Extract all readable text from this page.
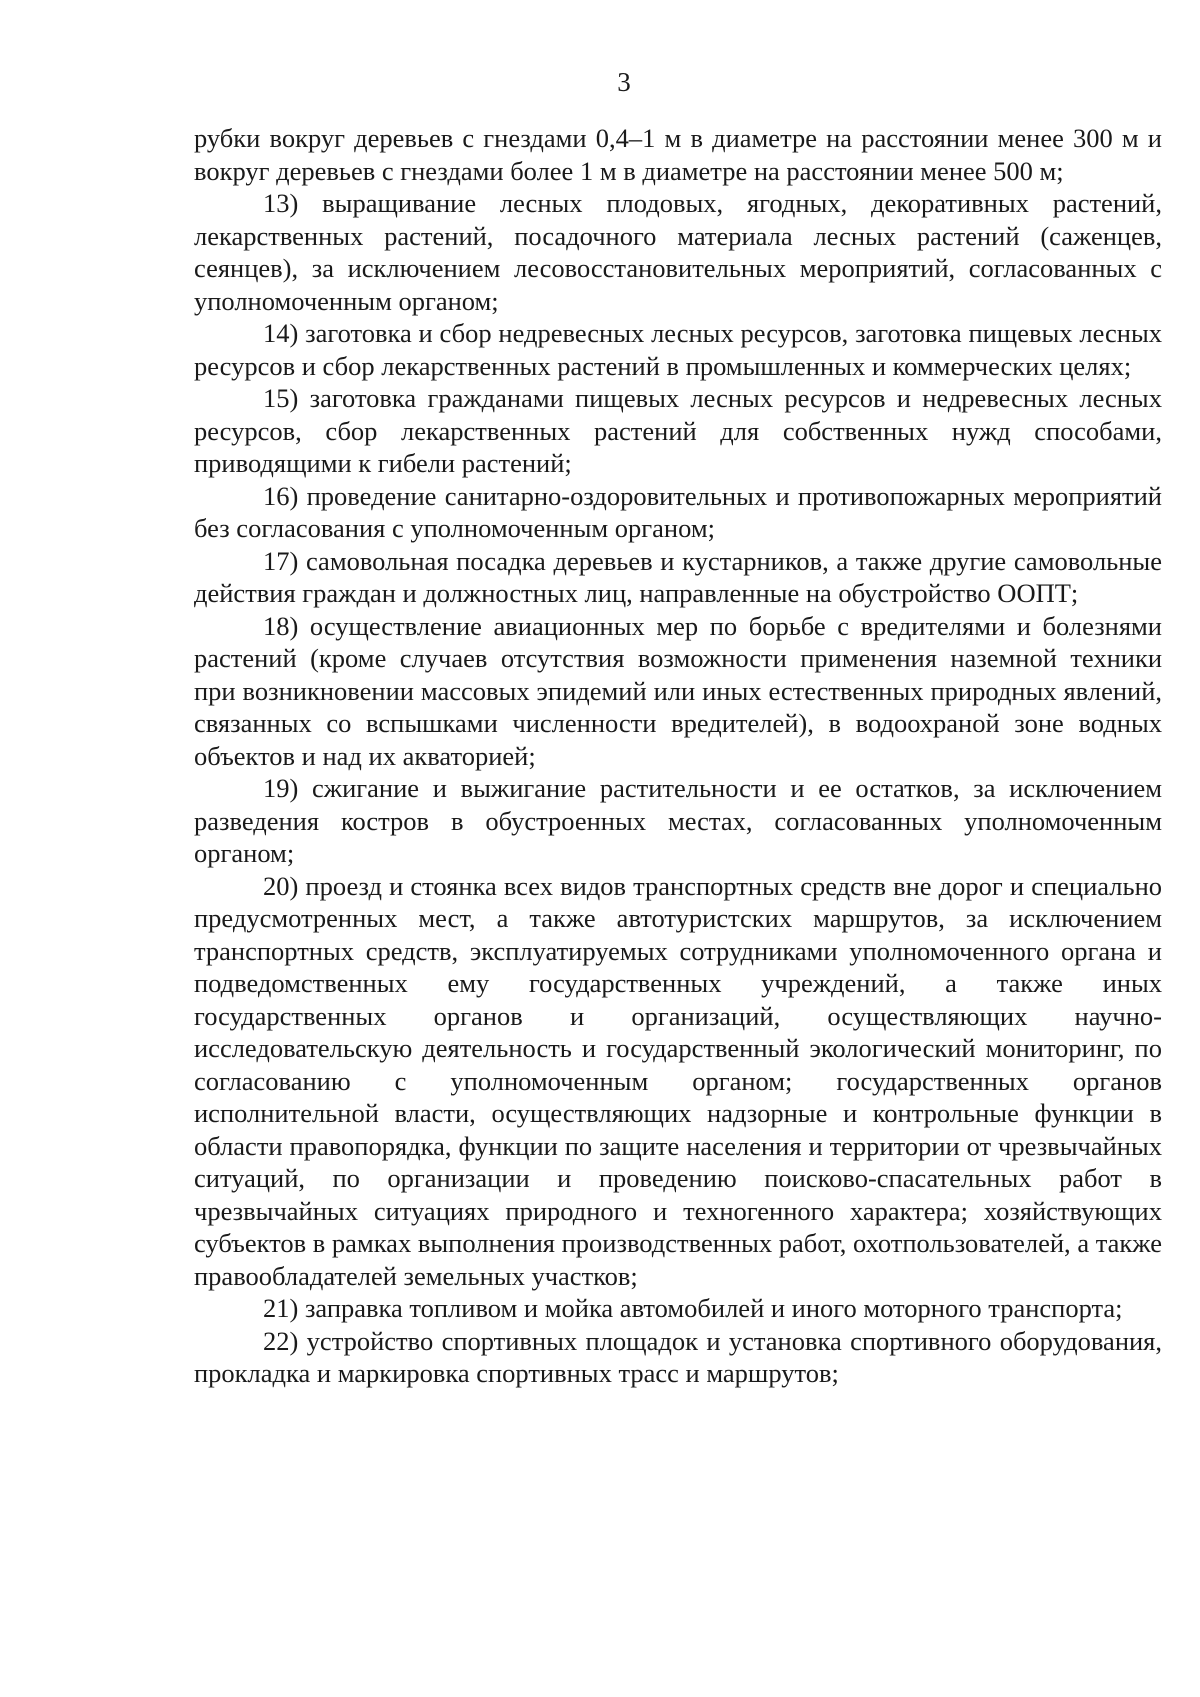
3

рубки вокруг деревьев с гнездами 0,4–1 м в диаметре на расстоянии менее 300 м и вокруг деревьев с гнездами более 1 м в диаметре на расстоянии менее 500 м;

13) выращивание лесных плодовых, ягодных, декоративных растений, лекарственных растений, посадочного материала лесных растений (саженцев, сеянцев), за исключением лесовосстановительных мероприятий, согласованных с уполномоченным органом;

14) заготовка и сбор недревесных лесных ресурсов, заготовка пищевых лесных ресурсов и сбор лекарственных растений в промышленных и коммерческих целях;

15) заготовка гражданами пищевых лесных ресурсов и недревесных лесных ресурсов, сбор лекарственных растений для собственных нужд способами, приводящими к гибели растений;

16) проведение санитарно-оздоровительных и противопожарных мероприятий без согласования с уполномоченным органом;

17) самовольная посадка деревьев и кустарников, а также другие самовольные действия граждан и должностных лиц, направленные на обустройство ООПТ;

18) осуществление авиационных мер по борьбе с вредителями и болезнями растений (кроме случаев отсутствия возможности применения наземной техники при возникновении массовых эпидемий или иных естественных природных явлений, связанных со вспышками численности вредителей), в водоохраной зоне водных объектов и над их акваторией;

19) сжигание и выжигание растительности и ее остатков, за исключением разведения костров в обустроенных местах, согласованных уполномоченным органом;

20) проезд и стоянка всех видов транспортных средств вне дорог и специально предусмотренных мест, а также автотуристских маршрутов, за исключением транспортных средств, эксплуатируемых сотрудниками уполномоченного органа и подведомственных ему государственных учреждений, а также иных государственных органов и организаций, осуществляющих научно-исследовательскую деятельность и государственный экологический мониторинг, по согласованию с уполномоченным органом; государственных органов исполнительной власти, осуществляющих надзорные и контрольные функции в области правопорядка, функции по защите населения и территории от чрезвычайных ситуаций, по организации и проведению поисково-спасательных работ в чрезвычайных ситуациях природного и техногенного характера; хозяйствующих субъектов в рамках выполнения производственных работ, охотпользователей, а также правообладателей земельных участков;

21) заправка топливом и мойка автомобилей и иного моторного транспорта;

22) устройство спортивных площадок и установка спортивного оборудования, прокладка и маркировка спортивных трасс и маршрутов;
